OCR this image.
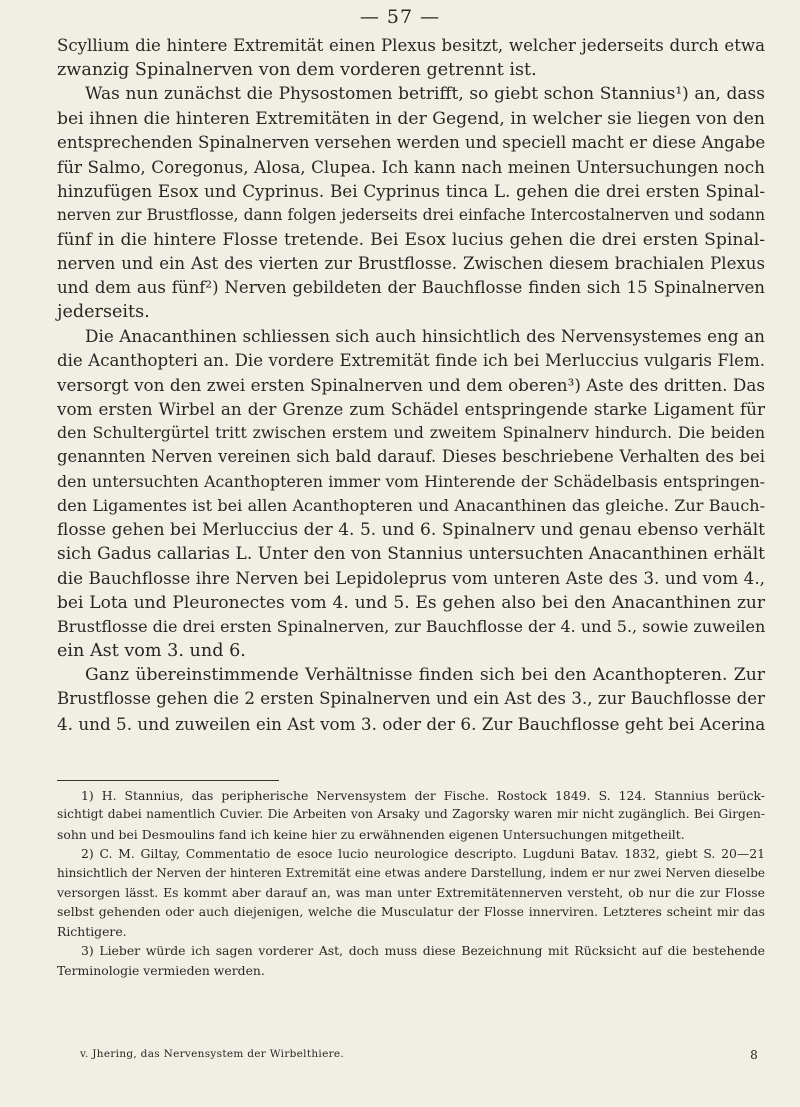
— 57 —
Scyllium die hintere Extremität einen Plexus besitzt, welcher jederseits durch etwa
zwanzig Spinalnerven von dem vorderen getrennt ist.
Was nun zunächst die Physostomen betrifft, so giebt schon Stannius¹) an, dass
bei ihnen die hinteren Extremitäten in der Gegend, in welcher sie liegen von den
entsprechenden Spinalnerven versehen werden und speciell macht er diese Angabe
für Salmo, Coregonus, Alosa, Clupea. Ich kann nach meinen Untersuchungen noch
hinzufügen Esox und Cyprinus. Bei Cyprinus tinca L. gehen die drei ersten Spinal-
nerven zur Brustflosse, dann folgen jederseits drei einfache Intercostalnerven und sodann
fünf in die hintere Flosse tretende. Bei Esox lucius gehen die drei ersten Spinal-
nerven und ein Ast des vierten zur Brustflosse. Zwischen diesem brachialen Plexus
und dem aus fünf²) Nerven gebildeten der Bauchflosse finden sich 15 Spinalnerven
jederseits.
Die Anacanthinen schliessen sich auch hinsichtlich des Nervensystemes eng an
die Acanthopteri an. Die vordere Extremität finde ich bei Merluccius vulgaris Flem.
versorgt von den zwei ersten Spinalnerven und dem oberen³) Aste des dritten. Das
vom ersten Wirbel an der Grenze zum Schädel entspringende starke Ligament für
den Schultergürtel tritt zwischen erstem und zweitem Spinalnerv hindurch. Die beiden
genannten Nerven vereinen sich bald darauf. Dieses beschriebene Verhalten des bei
den untersuchten Acanthopteren immer vom Hinterende der Schädelbasis entspringen-
den Ligamentes ist bei allen Acanthopteren und Anacanthinen das gleiche. Zur Bauch-
flosse gehen bei Merluccius der 4. 5. und 6. Spinalnerv und genau ebenso verhält
sich Gadus callarias L. Unter den von Stannius untersuchten Anacanthinen erhält
die Bauchflosse ihre Nerven bei Lepidoleprus vom unteren Aste des 3. und vom 4.,
bei Lota und Pleuronectes vom 4. und 5. Es gehen also bei den Anacanthinen zur
Brustflosse die drei ersten Spinalnerven, zur Bauchflosse der 4. und 5., sowie zuweilen
ein Ast vom 3. und 6.
Ganz übereinstimmende Verhältnisse finden sich bei den Acanthopteren. Zur
Brustflosse gehen die 2 ersten Spinalnerven und ein Ast des 3., zur Bauchflosse der
4. und 5. und zuweilen ein Ast vom 3. oder der 6. Zur Bauchflosse geht bei Acerina
1) H. Stannius, das peripherische Nervensystem der Fische. Rostock 1849. S. 124. Stannius berück-
sichtigt dabei namentlich Cuvier. Die Arbeiten von Arsaky und Zagorsky waren mir nicht zugänglich. Bei Girgen-
sohn und bei Desmoulins fand ich keine hier zu erwähnenden eigenen Untersuchungen mitgetheilt.
2) C. M. Giltay, Commentatio de esoce lucio neurologice descripto. Lugduni Batav. 1832, giebt S. 20—21
hinsichtlich der Nerven der hinteren Extremität eine etwas andere Darstellung, indem er nur zwei Nerven dieselbe
versorgen lässt. Es kommt aber darauf an, was man unter Extremitätennerven versteht, ob nur die zur Flosse
selbst gehenden oder auch diejenigen, welche die Musculatur der Flosse innerviren. Letzteres scheint mir das
Richtigere.
3) Lieber würde ich sagen vorderer Ast, doch muss diese Bezeichnung mit Rücksicht auf die bestehende
Terminologie vermieden werden.
v. Jhering, das Nervensystem der Wirbelthiere.	8
